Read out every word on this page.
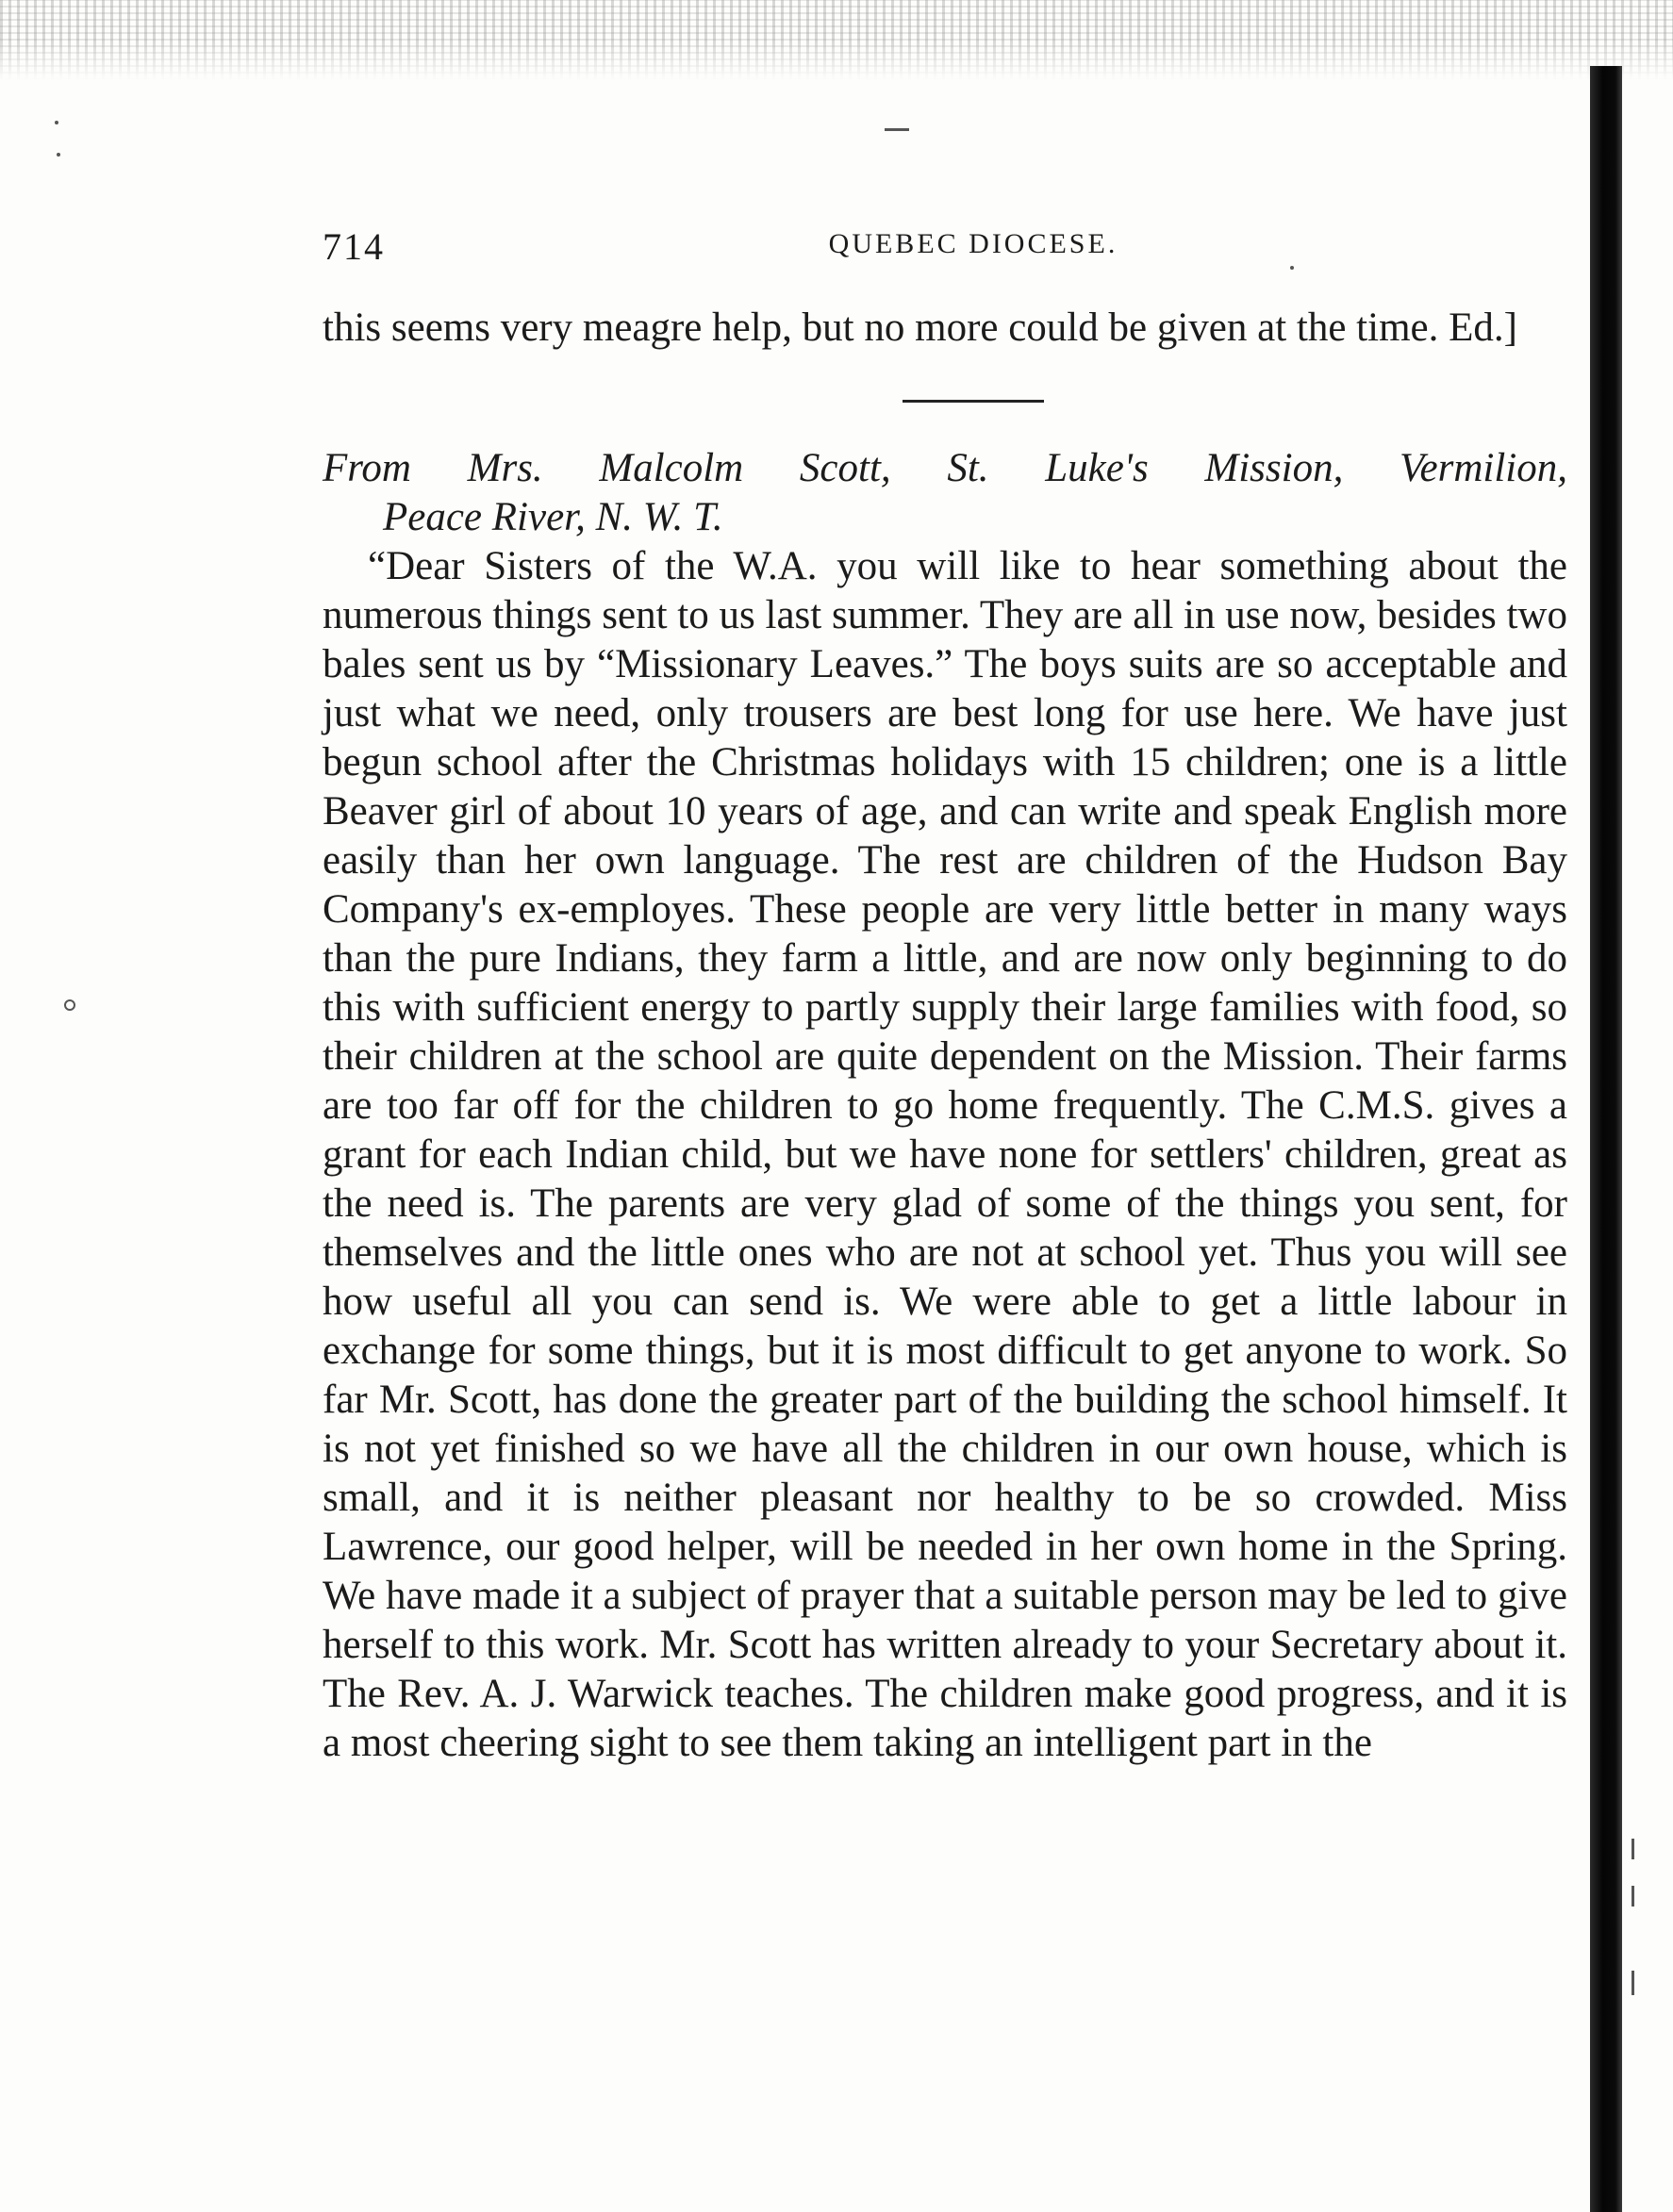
714	QUEBEC DIOCESE.

this seems very meagre help, but no more could be given at the time. Ed.]

From Mrs. Malcolm Scott, St. Luke's Mission, Vermilion,

Peace River, N. W. T.

“Dear Sisters of the W.A. you will like to hear something about the numerous things sent to us last summer. They are all in use now, besides two bales sent us by “Missionary Leaves.” The boys suits are so acceptable and just what we need, only trousers are best long for use here. We have just begun school after the Christmas holidays with 15 children; one is a little Beaver girl of about 10 years of age, and can write and speak English more easily than her own language. The rest are children of the Hudson Bay Company's ex-employes. These people are very little better in many ways than the pure Indians, they farm a little, and are now only beginning to do this with sufficient energy to partly supply their large families with food, so their children at the school are quite dependent on the Mission. Their farms are too far off for the children to go home frequently. The C.M.S. gives a grant for each Indian child, but we have none for settlers' children, great as the need is. The parents are very glad of some of the things you sent, for themselves and the little ones who are not at school yet. Thus you will see how useful all you can send is. We were able to get a little labour in exchange for some things, but it is most difficult to get anyone to work. So far Mr. Scott, has done the greater part of the building the school himself. It is not yet finished so we have all the children in our own house, which is small, and it is neither pleasant nor healthy to be so crowded. Miss Lawrence, our good helper, will be needed in her own home in the Spring. We have made it a subject of prayer that a suitable person may be led to give herself to this work. Mr. Scott has written already to your Secretary about it. The Rev. A. J. Warwick teaches. The children make good progress, and it is a most cheering sight to see them taking an intelligent part in the
